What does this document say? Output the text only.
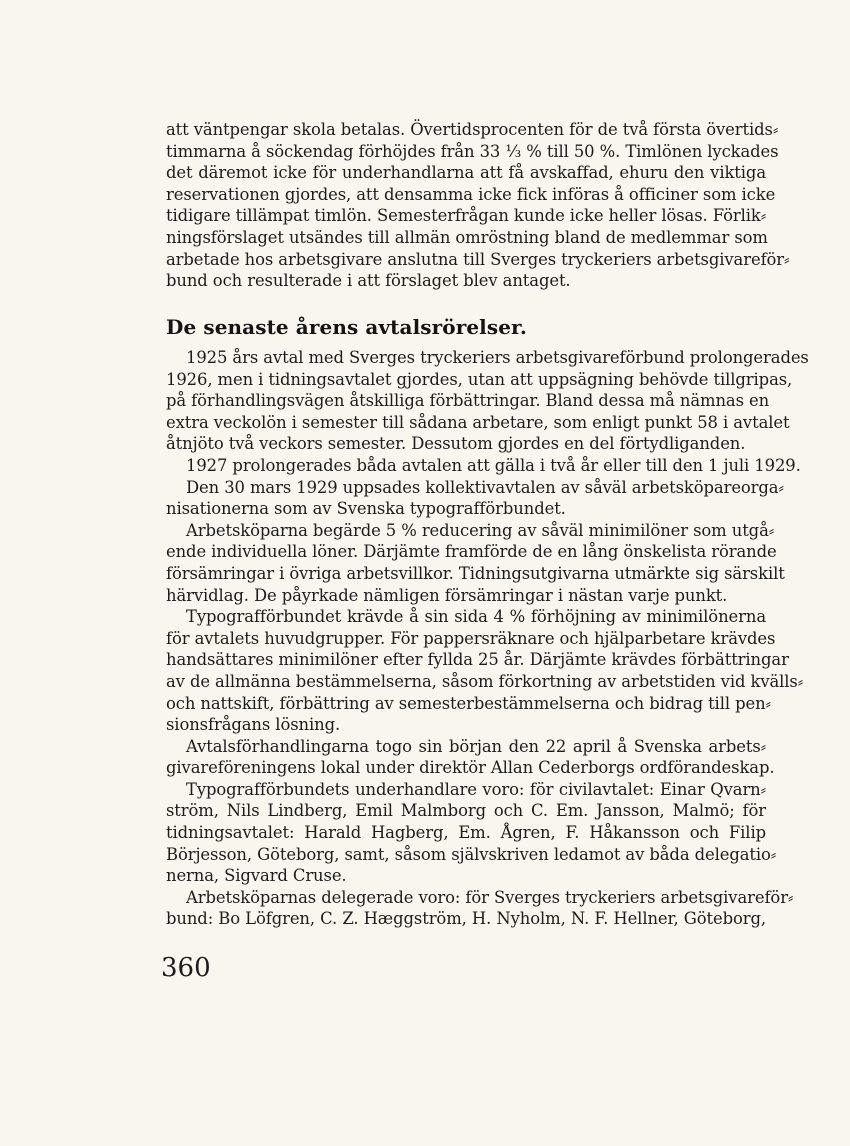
att väntpengar skola betalas. Övertidsprocenten för de två första övertids⸗
timmarna å söckendag förhöjdes från 33 ⅓ % till 50 %. Timlönen lyckades
det däremot icke för underhandlarna att få avskaffad, ehuru den viktiga
reservationen gjordes, att densamma icke fick införas å officiner som icke
tidigare tillämpat timlön. Semesterfrågan kunde icke heller lösas. Förlik⸗
ningsförslaget utsändes till allmän omröstning bland de medlemmar som
arbetade hos arbetsgivare anslutna till Sverges tryckeriers arbetsgivareför⸗
bund och resulterade i att förslaget blev antaget.
De senaste årens avtalsrörelser.
1925 års avtal med Sverges tryckeriers arbetsgivareförbund prolongerades
1926, men i tidningsavtalet gjordes, utan att uppsägning behövde tillgripas,
på förhandlingsvägen åtskilliga förbättringar. Bland dessa må nämnas en
extra veckolön i semester till sådana arbetare, som enligt punkt 58 i avtalet
åtnjöto två veckors semester. Dessutom gjordes en del förtydliganden.
1927 prolongerades båda avtalen att gälla i två år eller till den 1 juli 1929.
Den 30 mars 1929 uppsades kollektivavtalen av såväl arbetsköpareorga⸗
nisationerna som av Svenska typografförbundet.
Arbetsköparna begärde 5 % reducering av såväl minimilöner som utgå⸗
ende individuella löner. Därjämte framförde de en lång önskelista rörande
försämringar i övriga arbetsvillkor. Tidningsutgivarna utmärkte sig särskilt
härvidlag. De påyrkade nämligen försämringar i nästan varje punkt.
Typografförbundet krävde å sin sida 4 % förhöjning av minimilönerna
för avtalets huvudgrupper. För pappersräknare och hjälparbetare krävdes
handsättares minimilöner efter fyllda 25 år. Därjämte krävdes förbättringar
av de allmänna bestämmelserna, såsom förkortning av arbetstiden vid kvälls⸗
och nattskift, förbättring av semesterbestämmelserna och bidrag till pen⸗
sionsfrågans lösning.
Avtalsförhandlingarna togo sin början den 22 april å Svenska arbets⸗
givareföreningens lokal under direktör Allan Cederborgs ordförandeskap.
Typografförbundets underhandlare voro: för civilavtalet: Einar Qvarn⸗
ström, Nils Lindberg, Emil Malmborg och C. Em. Jansson, Malmö; för
tidningsavtalet: Harald Hagberg, Em. Ågren, F. Håkansson och Filip
Börjesson, Göteborg, samt, såsom självskriven ledamot av båda delegatio⸗
nerna, Sigvard Cruse.
Arbetsköparnas delegerade voro: för Sverges tryckeriers arbetsgivareför⸗
bund: Bo Löfgren, C. Z. Hæggström, H. Nyholm, N. F. Hellner, Göteborg,
360
